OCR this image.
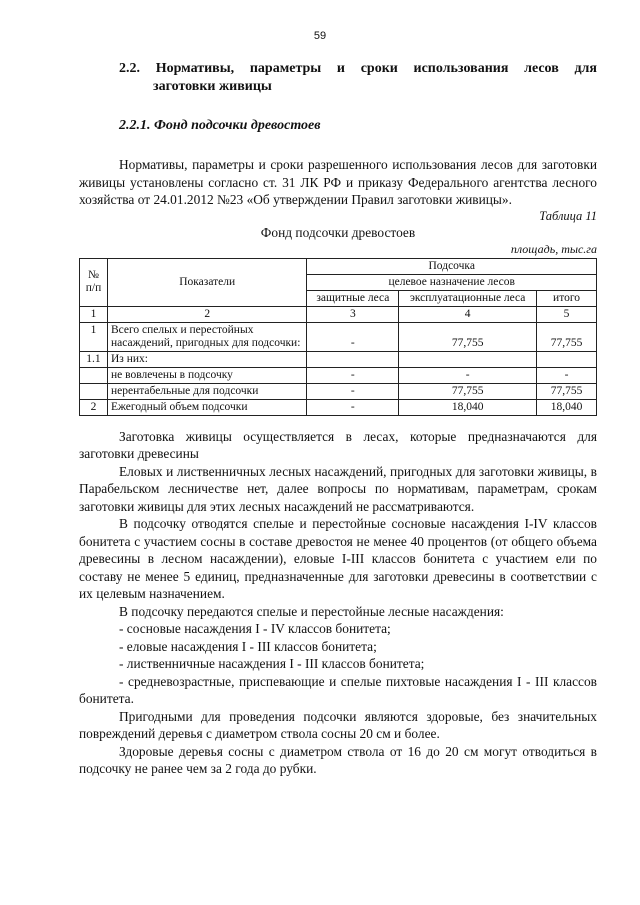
59
2.2. Нормативы, параметры и сроки использования лесов для
заготовки живицы
2.2.1. Фонд подсочки древостоев

Нормативы, параметры и сроки разрешенного использования лесов для заготовки живицы установлены согласно ст. 31 ЛК РФ и приказу Федерального агентства лесного хозяйства от 24.01.2012 №23 «Об утверждении Правил заготовки живицы».

Таблица 11
Фонд подсочки древостоев
площадь, тыс.га
№ п/п	Показатели	Подсочка		
		целевое назначение лесов		
		защитные леса	эксплуатационные леса	итого
1	2	3	4	5
1	Всего спелых и перестойных насаждений, пригодных для подсочки:	-	77,755	77,755
1.1	Из них:			
	не вовлечены в подсочку	-	-	-
	нерентабельные для подсочки	-	77,755	77,755
2	Ежегодный объем подсочки	-	18,040	18,040

Заготовка живицы осуществляется в лесах, которые предназначаются для заготовки древесины

Еловых и лиственничных лесных насаждений, пригодных для заготовки живицы, в Парабельском лесничестве нет, далее вопросы по нормативам, параметрам, срокам заготовки живицы для этих лесных насаждений не рассматриваются.

В подсочку отводятся спелые и перестойные сосновые насаждения I-IV классов бонитета с участием сосны в составе древостоя не менее 40 процентов (от общего объема древесины в лесном насаждении), еловые I-III классов бонитета с участием ели по составу не менее 5 единиц, предназначенные для заготовки древесины в соответствии с их целевым назначением.

В подсочку передаются спелые и перестойные лесные насаждения:

- сосновые насаждения I - IV классов бонитета;

- еловые насаждения I - III классов бонитета;

- лиственничные насаждения I - III классов бонитета;

- средневозрастные, приспевающие и спелые пихтовые насаждения I - III классов бонитета.

Пригодными для проведения подсочки являются здоровые, без значительных повреждений деревья с диаметром ствола сосны 20 см и более.

Здоровые деревья сосны с диаметром ствола от 16 до 20 см могут отводиться в подсочку не ранее чем за 2 года до рубки.
